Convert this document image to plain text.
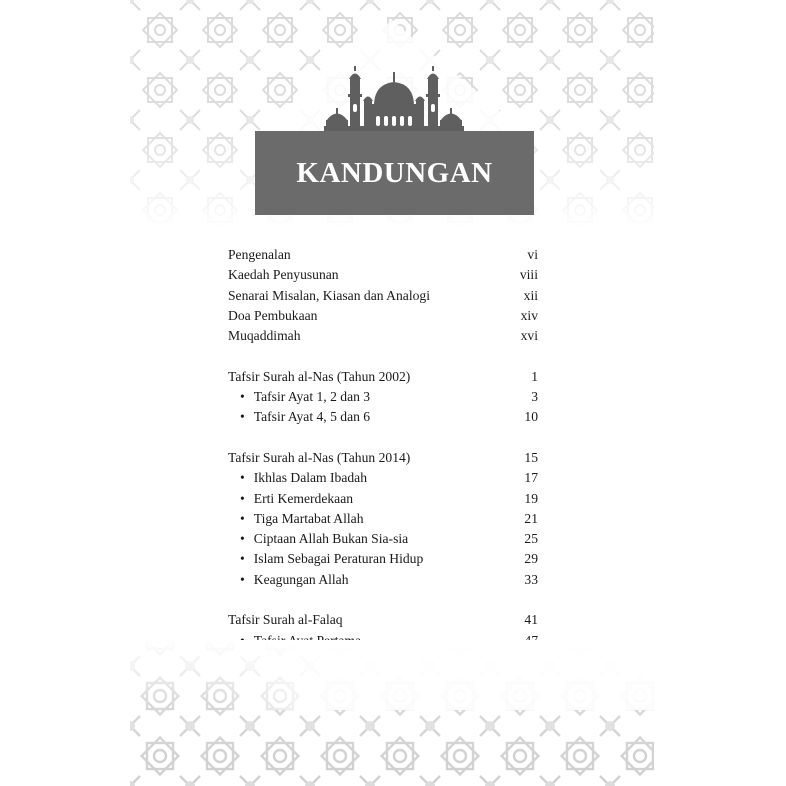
KANDUNGAN
Pengenalan	vi
Kaedah Penyusunan	viii
Senarai Misalan, Kiasan dan Analogi	xii
Doa Pembukaan	xiv
Muqaddimah	xvi
Tafsir Surah al-Nas (Tahun 2002)	1
• Tafsir Ayat 1, 2 dan 3	3
• Tafsir Ayat 4, 5 dan 6	10
Tafsir Surah al-Nas (Tahun 2014)	15
• Ikhlas Dalam Ibadah	17
• Erti Kemerdekaan	19
• Tiga Martabat Allah	21
• Ciptaan Allah Bukan Sia-sia	25
• Islam Sebagai Peraturan Hidup	29
• Keagungan Allah	33
Tafsir Surah al-Falaq	41
